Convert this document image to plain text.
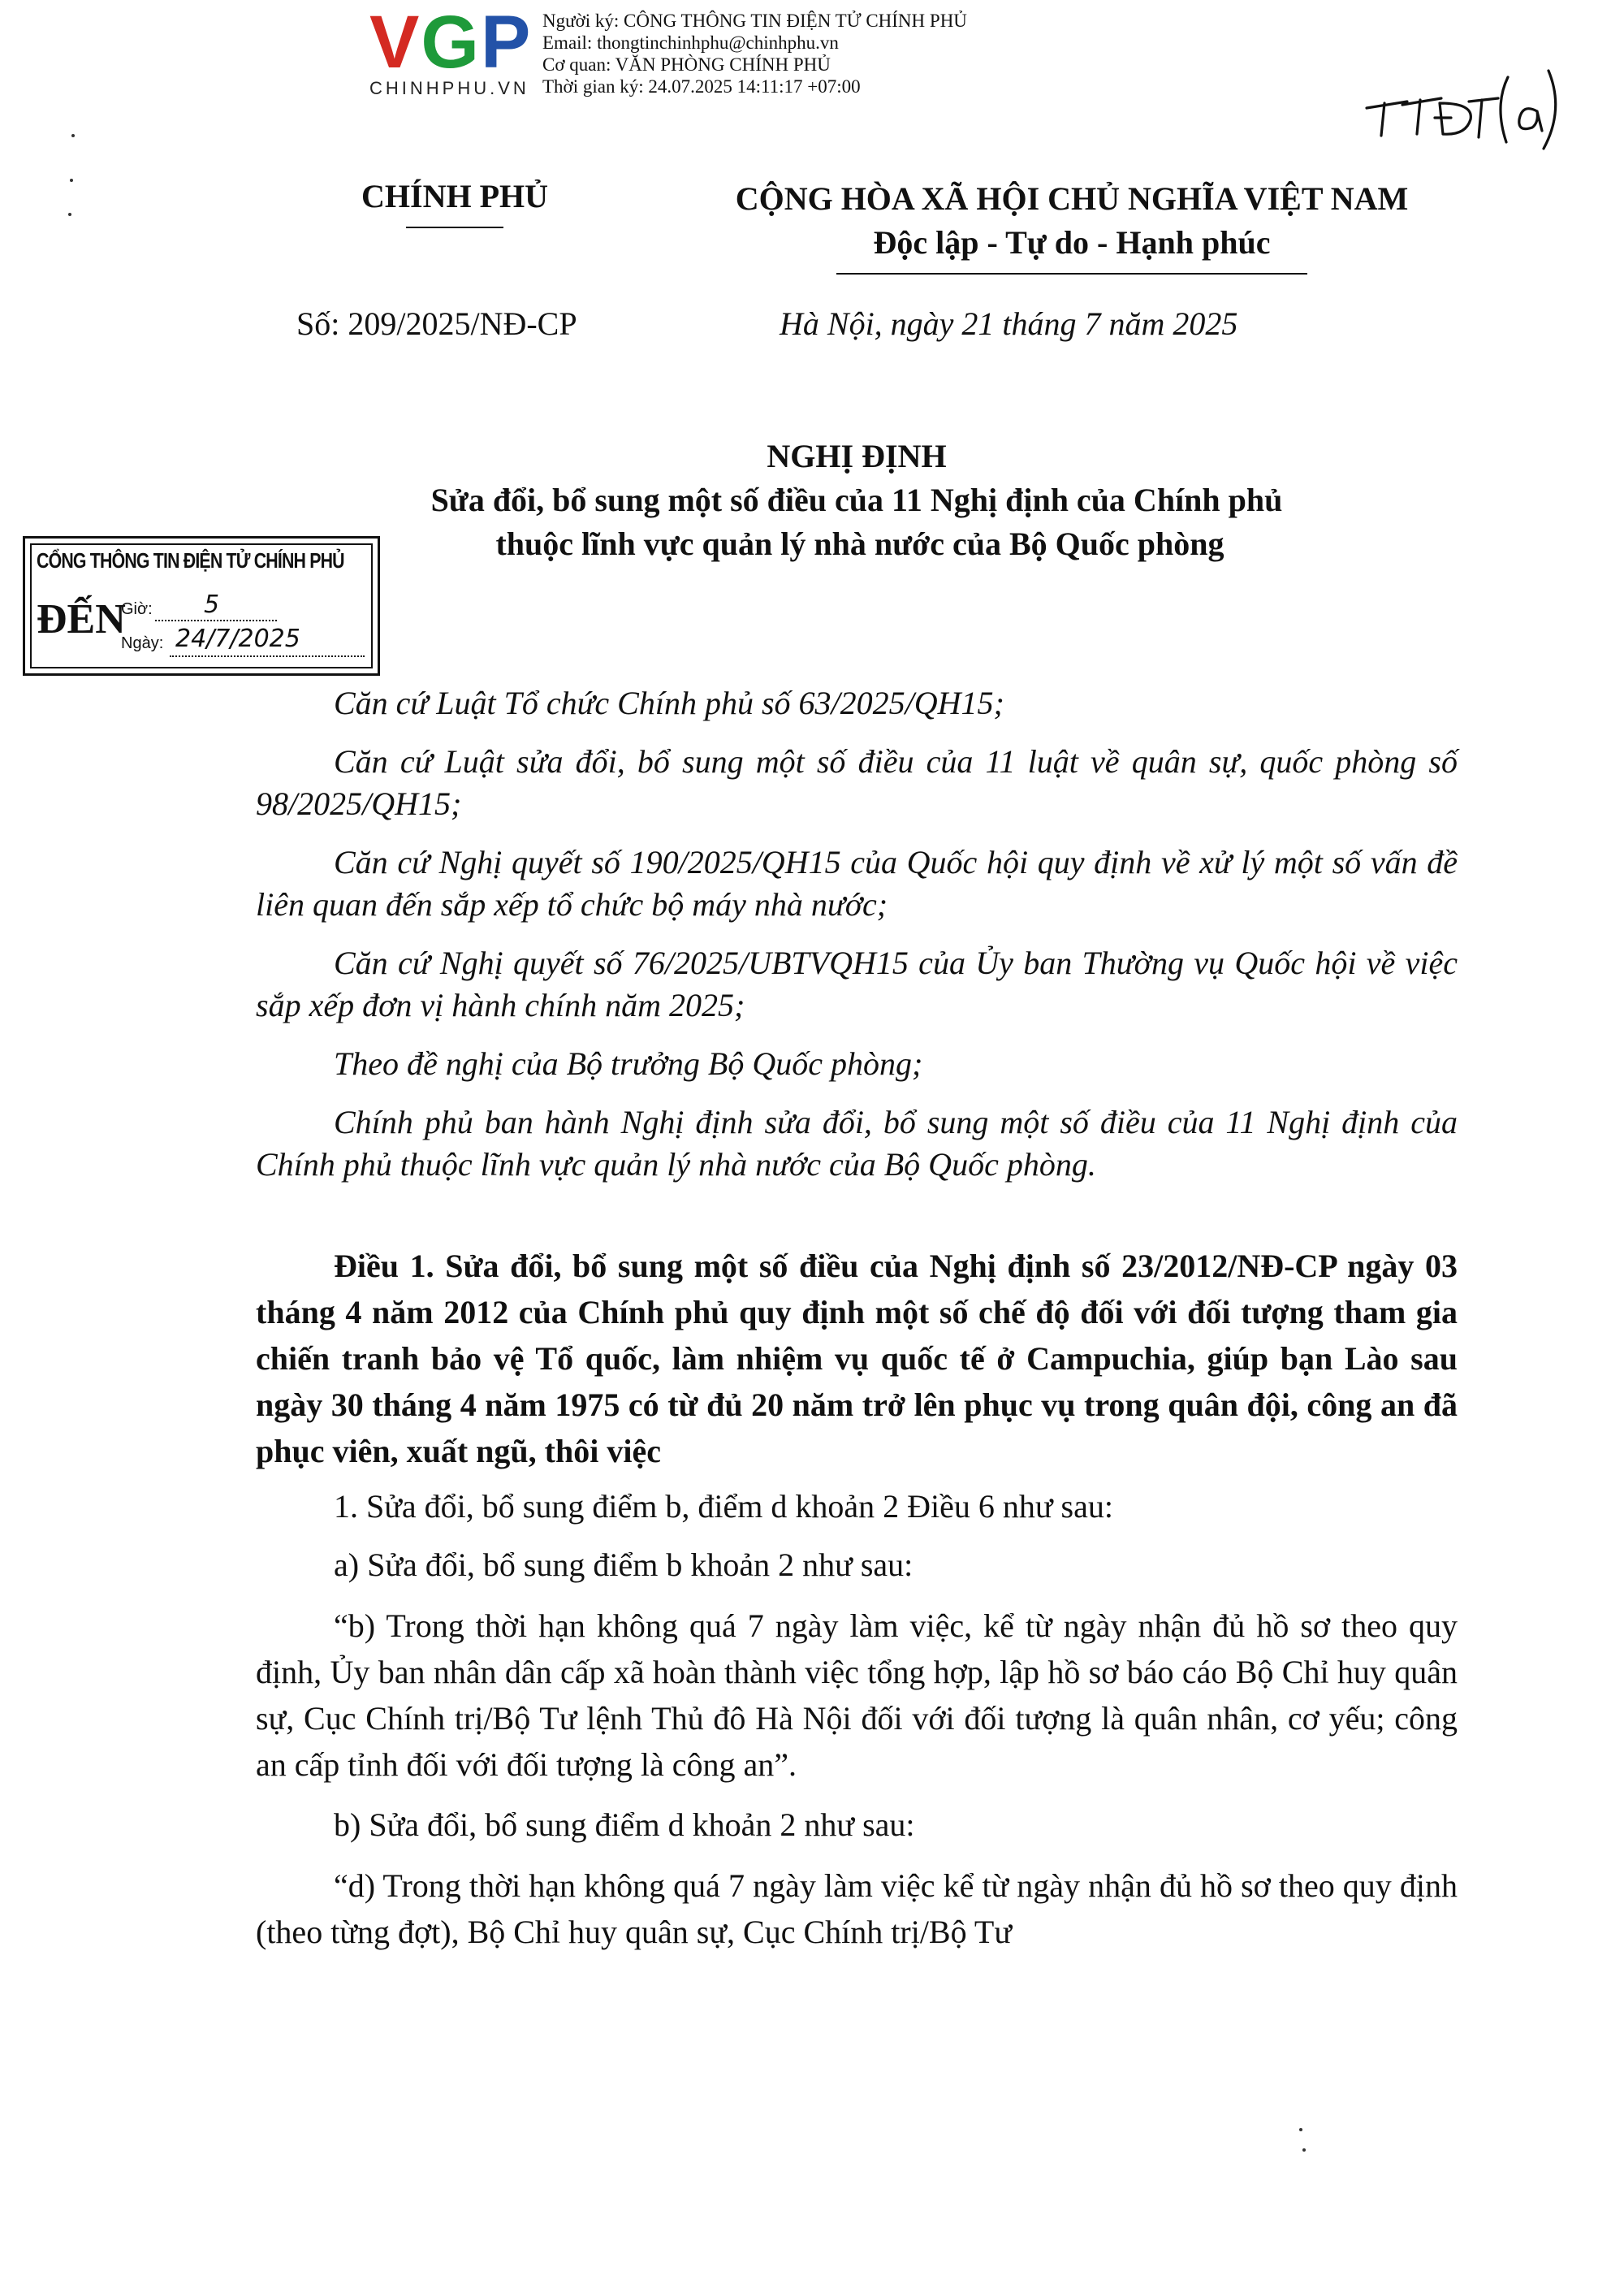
VGP
CHINHPHU.VN
Người ký: CÔNG THÔNG TIN ĐIỆN TỬ CHÍNH PHỦ
Email: thongtinchinhphu@chinhphu.vn
Cơ quan: VĂN PHÒNG CHÍNH PHỦ
Thời gian ký: 24.07.2025 14:11:17 +07:00
TTĐT(2)
CHÍNH PHỦ	CỘNG HÒA XÃ HỘI CHỦ NGHĨA VIỆT NAM
Độc lập - Tự do - Hạnh phúc
Số: 209/2025/NĐ-CP	Hà Nội, ngày 21 tháng 7 năm 2025
NGHỊ ĐỊNH
Sửa đổi, bổ sung một số điều của 11 Nghị định của Chính phủ
thuộc lĩnh vực quản lý nhà nước của Bộ Quốc phòng
CỔNG THÔNG TIN ĐIỆN TỬ CHÍNH PHỦ
ĐẾN
Giờ: 5
Ngày: 24/7/2025

Căn cứ Luật Tổ chức Chính phủ số 63/2025/QH15;

Căn cứ Luật sửa đổi, bổ sung một số điều của 11 luật về quân sự, quốc phòng số 98/2025/QH15;

Căn cứ Nghị quyết số 190/2025/QH15 của Quốc hội quy định về xử lý một số vấn đề liên quan đến sắp xếp tổ chức bộ máy nhà nước;

Căn cứ Nghị quyết số 76/2025/UBTVQH15 của Ủy ban Thường vụ Quốc hội về việc sắp xếp đơn vị hành chính năm 2025;

Theo đề nghị của Bộ trưởng Bộ Quốc phòng;

Chính phủ ban hành Nghị định sửa đổi, bổ sung một số điều của 11 Nghị định của Chính phủ thuộc lĩnh vực quản lý nhà nước của Bộ Quốc phòng.

Điều 1. Sửa đổi, bổ sung một số điều của Nghị định số 23/2012/NĐ-CP ngày 03 tháng 4 năm 2012 của Chính phủ quy định một số chế độ đối với đối tượng tham gia chiến tranh bảo vệ Tổ quốc, làm nhiệm vụ quốc tế ở Campuchia, giúp bạn Lào sau ngày 30 tháng 4 năm 1975 có từ đủ 20 năm trở lên phục vụ trong quân đội, công an đã phục viên, xuất ngũ, thôi việc

1. Sửa đổi, bổ sung điểm b, điểm d khoản 2 Điều 6 như sau:

a) Sửa đổi, bổ sung điểm b khoản 2 như sau:

“b) Trong thời hạn không quá 7 ngày làm việc, kể từ ngày nhận đủ hồ sơ theo quy định, Ủy ban nhân dân cấp xã hoàn thành việc tổng hợp, lập hồ sơ báo cáo Bộ Chỉ huy quân sự, Cục Chính trị/Bộ Tư lệnh Thủ đô Hà Nội đối với đối tượng là quân nhân, cơ yếu; công an cấp tỉnh đối với đối tượng là công an”.

b) Sửa đổi, bổ sung điểm d khoản 2 như sau:

“d) Trong thời hạn không quá 7 ngày làm việc kể từ ngày nhận đủ hồ sơ theo quy định (theo từng đợt), Bộ Chỉ huy quân sự, Cục Chính trị/Bộ Tư
